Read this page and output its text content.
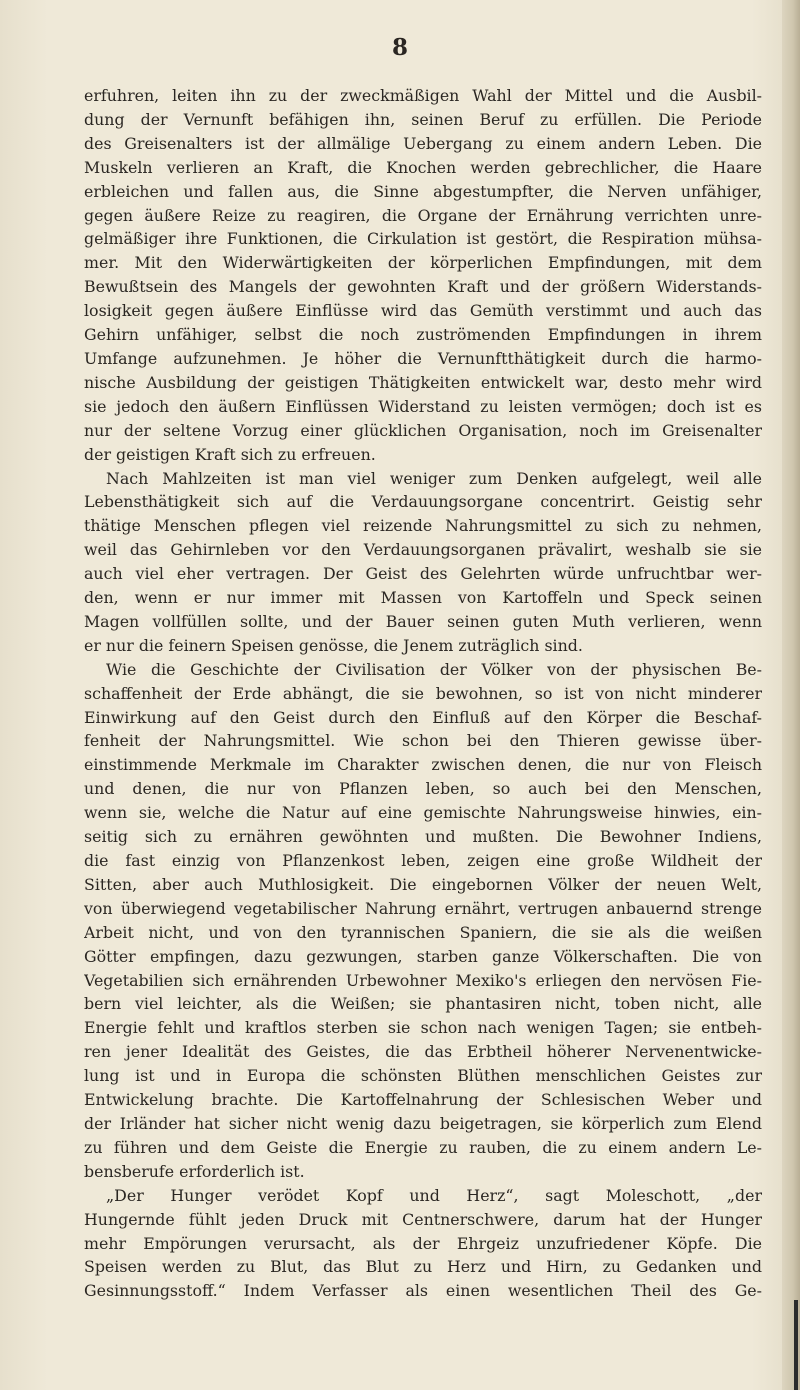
8

erfuhren, leiten ihn zu der zweckmäßigen Wahl der Mittel und die Ausbil-

dung der Vernunft befähigen ihn, seinen Beruf zu erfüllen. Die Periode

des Greisenalters ist der allmälige Uebergang zu einem andern Leben. Die

Muskeln verlieren an Kraft, die Knochen werden gebrechlicher, die Haare

erbleichen und fallen aus, die Sinne abgestumpfter, die Nerven unfähiger,

gegen äußere Reize zu reagiren, die Organe der Ernährung verrichten unre-

gelmäßiger ihre Funktionen, die Cirkulation ist gestört, die Respiration mühsa-

mer. Mit den Widerwärtigkeiten der körperlichen Empfindungen, mit dem

Bewußtsein des Mangels der gewohnten Kraft und der größern Widerstands-

losigkeit gegen äußere Einflüsse wird das Gemüth verstimmt und auch das

Gehirn unfähiger, selbst die noch zuströmenden Empfindungen in ihrem

Umfange aufzunehmen. Je höher die Vernunftthätigkeit durch die harmo-

nische Ausbildung der geistigen Thätigkeiten entwickelt war, desto mehr wird

sie jedoch den äußern Einflüssen Widerstand zu leisten vermögen; doch ist es

nur der seltene Vorzug einer glücklichen Organisation, noch im Greisenalter

der geistigen Kraft sich zu erfreuen.

Nach Mahlzeiten ist man viel weniger zum Denken aufgelegt, weil alle

Lebensthätigkeit sich auf die Verdauungsorgane concentrirt. Geistig sehr

thätige Menschen pflegen viel reizende Nahrungsmittel zu sich zu nehmen,

weil das Gehirnleben vor den Verdauungsorganen prävalirt, weshalb sie sie

auch viel eher vertragen. Der Geist des Gelehrten würde unfruchtbar wer-

den, wenn er nur immer mit Massen von Kartoffeln und Speck seinen

Magen vollfüllen sollte, und der Bauer seinen guten Muth verlieren, wenn

er nur die feinern Speisen genösse, die Jenem zuträglich sind.

Wie die Geschichte der Civilisation der Völker von der physischen Be-

schaffenheit der Erde abhängt, die sie bewohnen, so ist von nicht minderer

Einwirkung auf den Geist durch den Einfluß auf den Körper die Beschaf-

fenheit der Nahrungsmittel. Wie schon bei den Thieren gewisse über-

einstimmende Merkmale im Charakter zwischen denen, die nur von Fleisch

und denen, die nur von Pflanzen leben, so auch bei den Menschen,

wenn sie, welche die Natur auf eine gemischte Nahrungsweise hinwies, ein-

seitig sich zu ernähren gewöhnten und mußten. Die Bewohner Indiens,

die fast einzig von Pflanzenkost leben, zeigen eine große Wildheit der

Sitten, aber auch Muthlosigkeit. Die eingebornen Völker der neuen Welt,

von überwiegend vegetabilischer Nahrung ernährt, vertrugen anbauernd strenge

Arbeit nicht, und von den tyrannischen Spaniern, die sie als die weißen

Götter empfingen, dazu gezwungen, starben ganze Völkerschaften. Die von

Vegetabilien sich ernährenden Urbewohner Mexiko's erliegen den nervösen Fie-

bern viel leichter, als die Weißen; sie phantasiren nicht, toben nicht, alle

Energie fehlt und kraftlos sterben sie schon nach wenigen Tagen; sie entbeh-

ren jener Idealität des Geistes, die das Erbtheil höherer Nervenentwicke-

lung ist und in Europa die schönsten Blüthen menschlichen Geistes zur

Entwickelung brachte. Die Kartoffelnahrung der Schlesischen Weber und

der Irländer hat sicher nicht wenig dazu beigetragen, sie körperlich zum Elend

zu führen und dem Geiste die Energie zu rauben, die zu einem andern Le-

bensberufe erforderlich ist.

„Der Hunger verödet Kopf und Herz“, sagt Moleschott, „der

Hungernde fühlt jeden Druck mit Centnerschwere, darum hat der Hunger

mehr Empörungen verursacht, als der Ehrgeiz unzufriedener Köpfe. Die

Speisen werden zu Blut, das Blut zu Herz und Hirn, zu Gedanken und

Gesinnungsstoff.“ Indem Verfasser als einen wesentlichen Theil des Ge-
